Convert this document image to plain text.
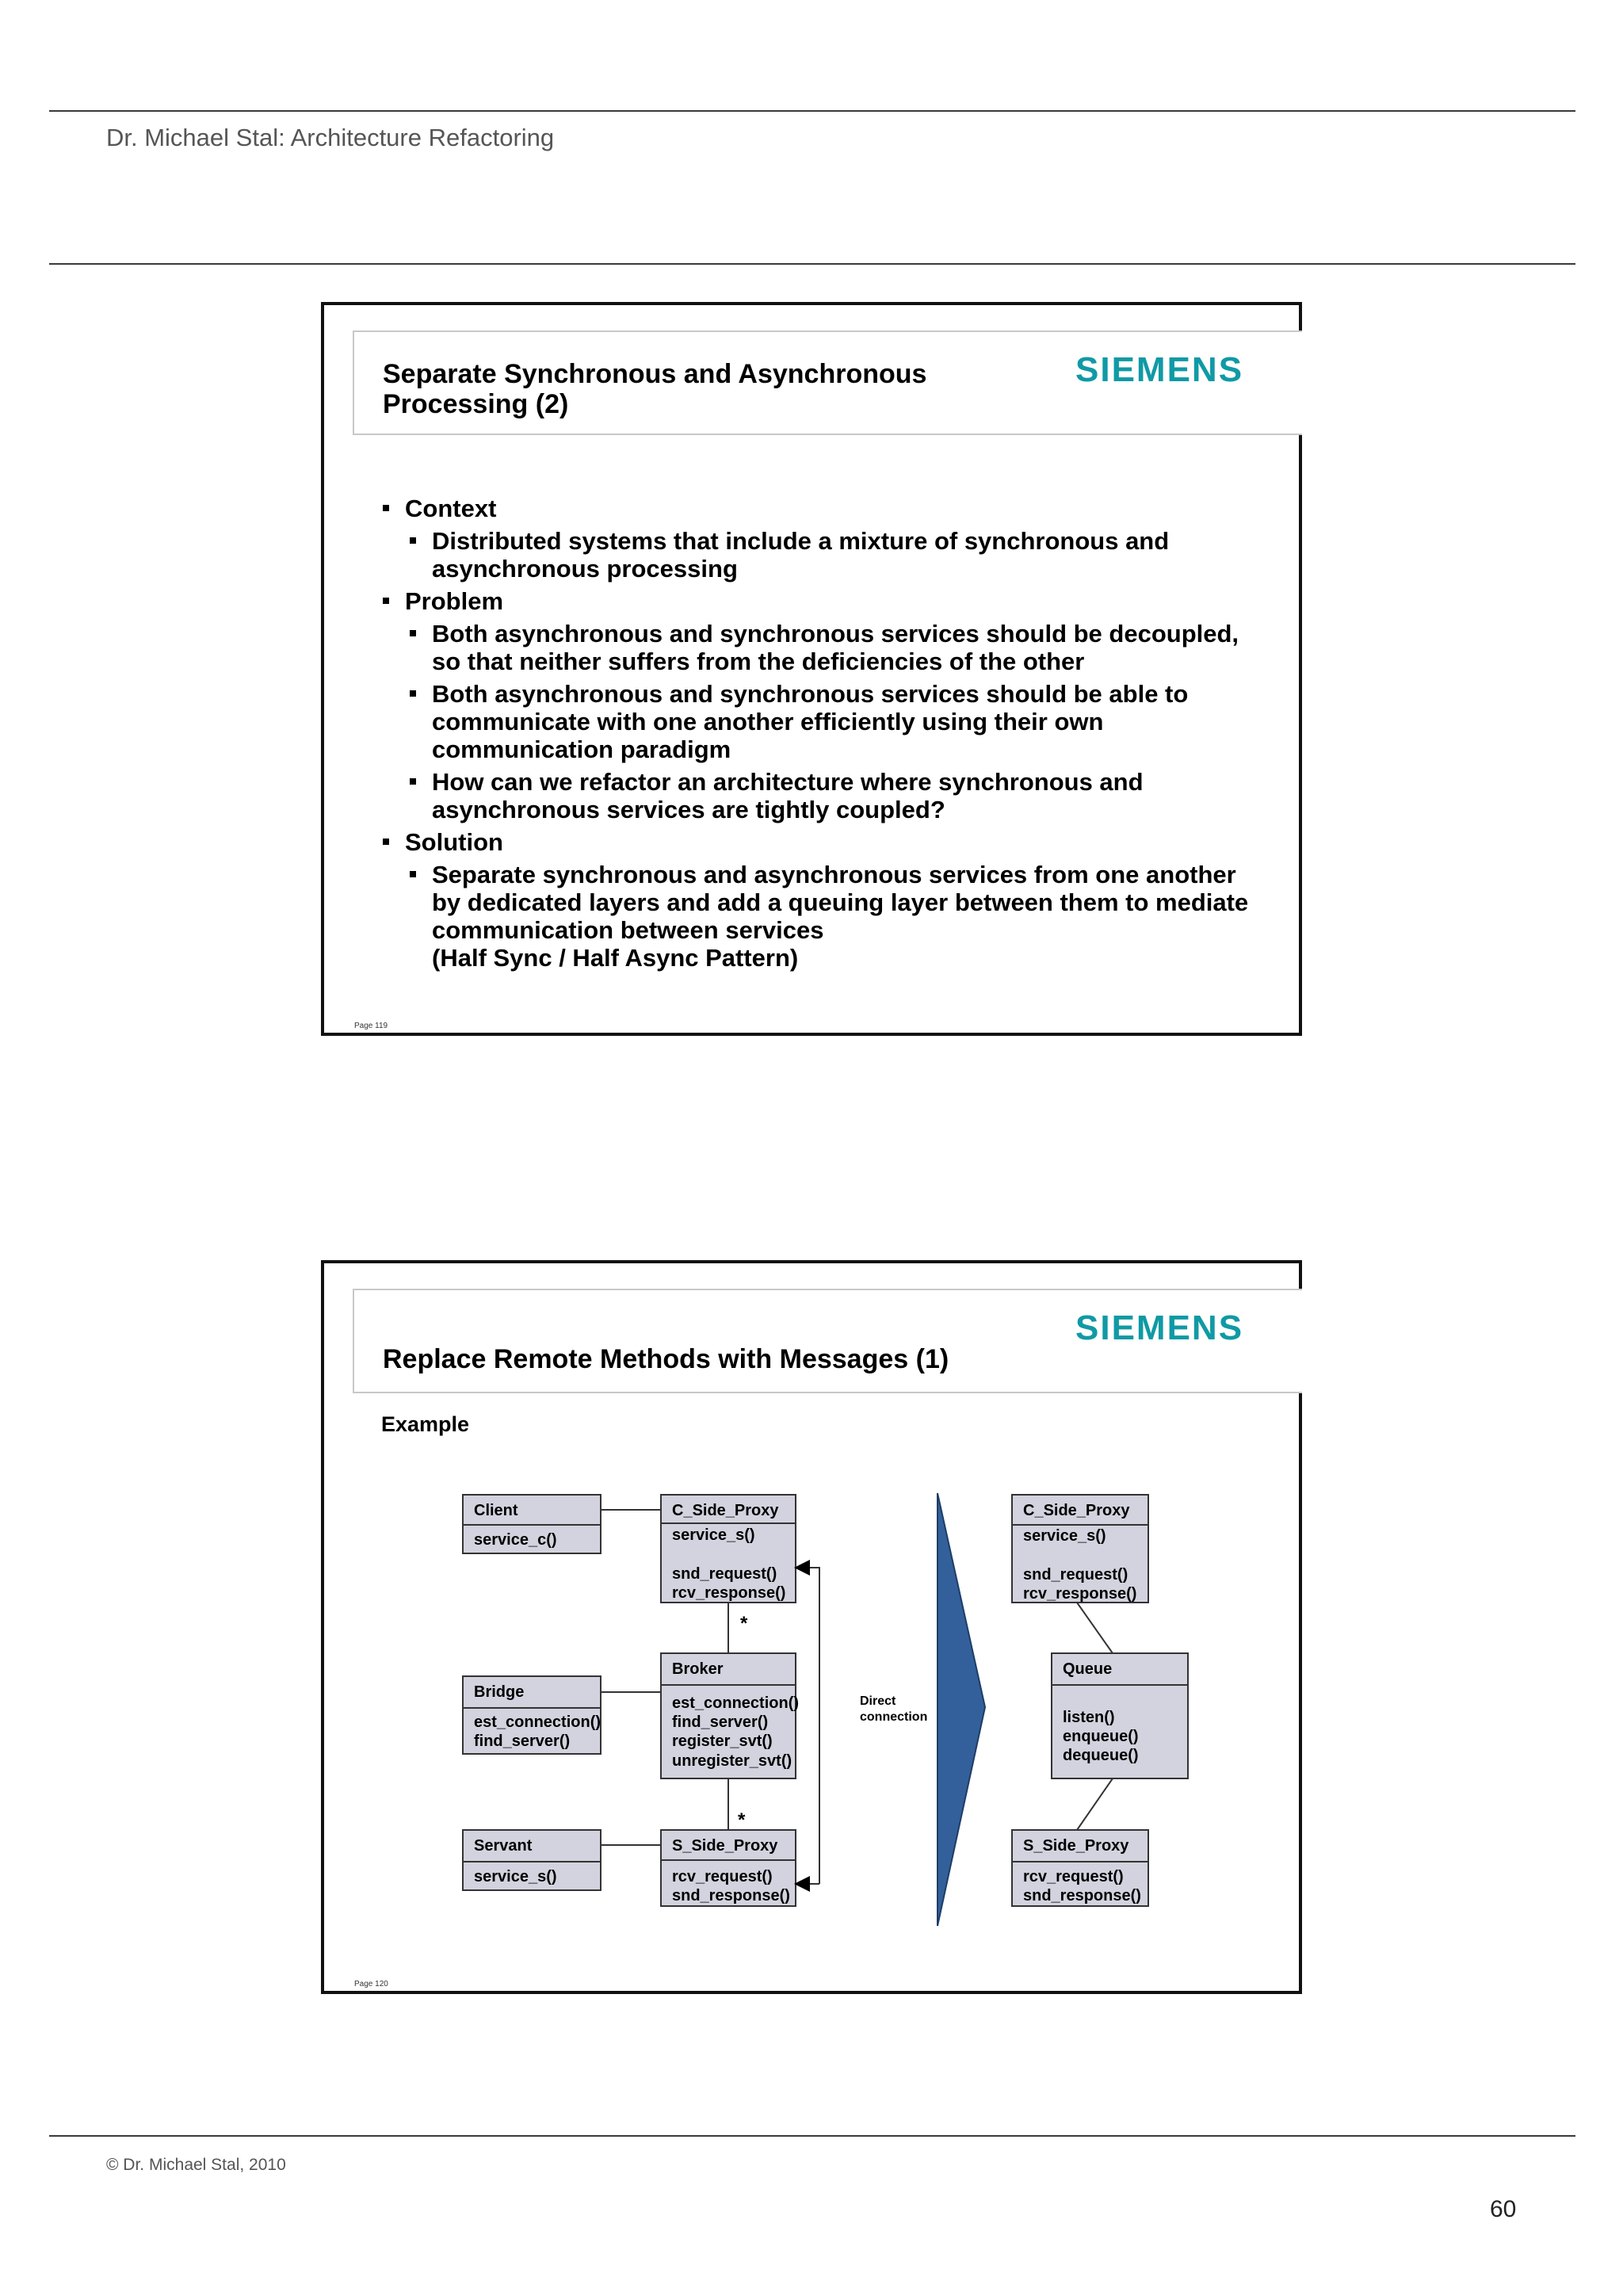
Dr. Michael Stal: Architecture Refactoring
Separate Synchronous and Asynchronous
Processing (2)
SIEMENS
Context
Distributed systems that include a mixture of synchronous and
asynchronous processing
Problem
Both asynchronous and synchronous services should be decoupled,
so that neither suffers from the deficiencies of the other
Both asynchronous and synchronous services should be able to
communicate with one another efficiently using their own
communication paradigm
How can we refactor an architecture where synchronous and
asynchronous services are tightly coupled?
Solution
Separate synchronous and asynchronous services from one another
by dedicated layers and add a queuing layer between them to mediate
communication between services
(Half Sync / Half Async Pattern)
Page 119
Replace Remote Methods with Messages (1)
SIEMENS
Example
Client
service_c()
Bridge
est_connection()
find_server()
Servant
service_s()
C_Side_Proxy
service_s()
snd_request()
rcv_response()
Broker
est_connection()
find_server()
register_svt()
unregister_svt()
S_Side_Proxy
rcv_request()
snd_response()
*
*
Direct
connection
C_Side_Proxy
service_s()
snd_request()
rcv_response()
Queue
listen()
enqueue()
dequeue()
S_Side_Proxy
rcv_request()
snd_response()
Page 120
© Dr. Michael Stal, 2010
60
